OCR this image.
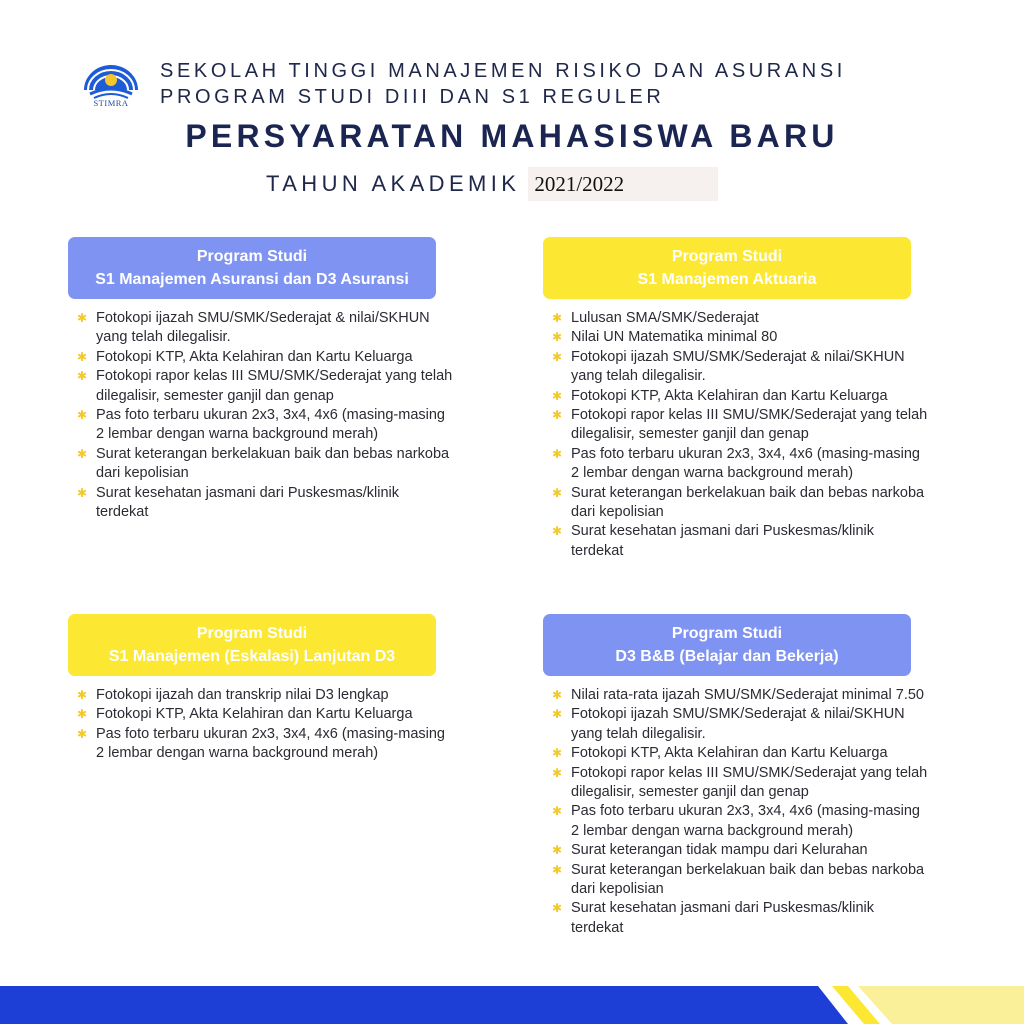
STIMRA
SEKOLAH TINGGI MANAJEMEN RISIKO DAN ASURANSI
PROGRAM STUDI DIII DAN S1 REGULER
PERSYARATAN MAHASISWA BARU
TAHUN AKADEMIK 2021/2022
Program Studi
S1 Manajemen Asuransi dan D3 Asuransi
✱ Fotokopi ijazah SMU/SMK/Sederajat & nilai/SKHUN yang telah dilegalisir.
✱ Fotokopi KTP, Akta Kelahiran dan Kartu Keluarga
✱ Fotokopi rapor kelas III SMU/SMK/Sederajat yang telah dilegalisir, semester ganjil dan genap
✱ Pas foto terbaru ukuran 2x3, 3x4, 4x6 (masing-masing 2 lembar dengan warna background merah)
✱ Surat keterangan berkelakuan baik dan bebas narkoba dari kepolisian
✱ Surat kesehatan jasmani dari Puskesmas/klinik terdekat
Program Studi
S1 Manajemen Aktuaria
✱ Lulusan SMA/SMK/Sederajat
✱ Nilai UN Matematika minimal 80
✱ Fotokopi ijazah SMU/SMK/Sederajat & nilai/SKHUN yang telah dilegalisir.
✱ Fotokopi KTP, Akta Kelahiran dan Kartu Keluarga
✱ Fotokopi rapor kelas III SMU/SMK/Sederajat yang telah dilegalisir, semester ganjil dan genap
✱ Pas foto terbaru ukuran 2x3, 3x4, 4x6 (masing-masing 2 lembar dengan warna background merah)
✱ Surat keterangan berkelakuan baik dan bebas narkoba dari kepolisian
✱ Surat kesehatan jasmani dari Puskesmas/klinik terdekat
Program Studi
S1 Manajemen (Eskalasi) Lanjutan D3
✱ Fotokopi ijazah dan transkrip nilai D3 lengkap
✱ Fotokopi KTP, Akta Kelahiran dan Kartu Keluarga
✱ Pas foto terbaru ukuran 2x3, 3x4, 4x6 (masing-masing 2 lembar dengan warna background merah)
Program Studi
D3 B&B (Belajar dan Bekerja)
✱ Nilai rata-rata ijazah SMU/SMK/Sederajat minimal 7.50
✱ Fotokopi ijazah SMU/SMK/Sederajat & nilai/SKHUN yang telah dilegalisir.
✱ Fotokopi KTP, Akta Kelahiran dan Kartu Keluarga
✱ Fotokopi rapor kelas III SMU/SMK/Sederajat yang telah dilegalisir, semester ganjil dan genap
✱ Pas foto terbaru ukuran 2x3, 3x4, 4x6 (masing-masing 2 lembar dengan warna background merah)
✱ Surat keterangan tidak mampu dari Kelurahan
✱ Surat keterangan berkelakuan baik dan bebas narkoba dari kepolisian
✱ Surat kesehatan jasmani dari Puskesmas/klinik terdekat
